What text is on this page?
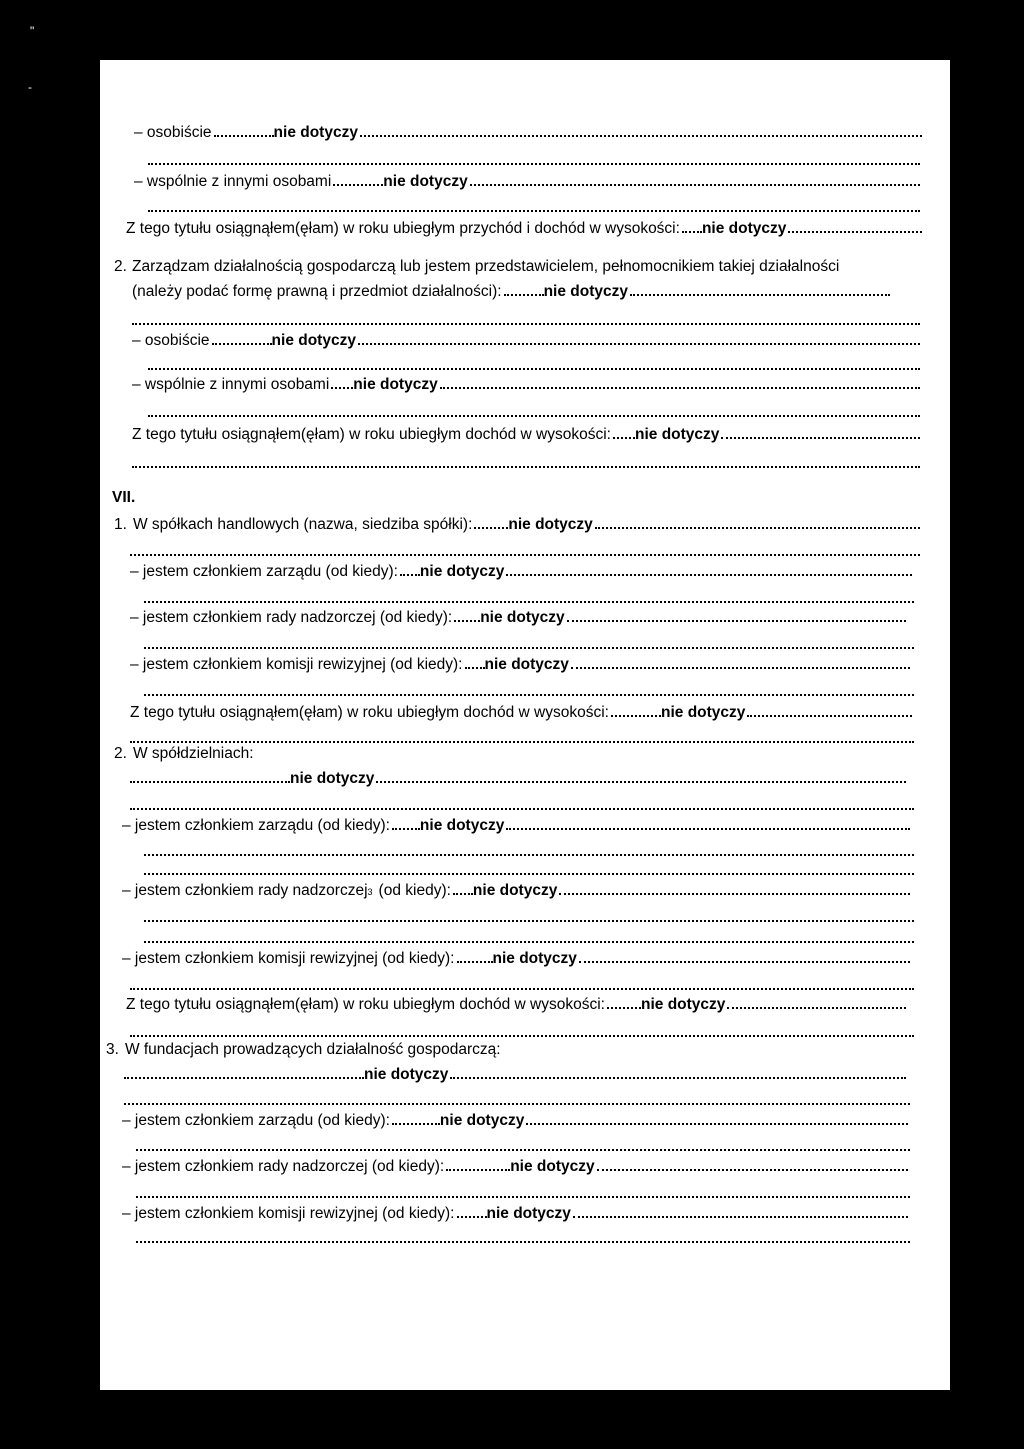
"
-
– osobiście	nie dotyczy
– wspólnie z innymi osobami	nie dotyczy
Z tego tytułu osiągnąłem(ęłam) w roku ubiegłym przychód i dochód w wysokości: nie dotyczy
2. Zarządzam działalnością gospodarczą lub jestem przedstawicielem, pełnomocnikiem takiej działalności
(należy podać formę prawną i przedmiot działalności):	nie dotyczy
– osobiście	nie dotyczy
– wspólnie z innymi osobami nie dotyczy
Z tego tytułu osiągnąłem(ęłam) w roku ubiegłym dochód w wysokości: nie dotyczy
VII.
1. W spółkach handlowych (nazwa, siedziba spółki): nie dotyczy
– jestem członkiem zarządu (od kiedy): nie dotyczy
– jestem członkiem rady nadzorczej (od kiedy): nie dotyczy
– jestem członkiem komisji rewizyjnej (od kiedy): nie dotyczy
Z tego tytułu osiągnąłem(ęłam) w roku ubiegłym dochód w wysokości:	nie dotyczy
2. W spółdzielniach:
nie dotyczy
– jestem członkiem zarządu (od kiedy): nie dotyczy
– jestem członkiem rady nadzorczej 3 (od kiedy): nie dotyczy
– jestem członkiem komisji rewizyjnej (od kiedy): nie dotyczy
Z tego tytułu osiągnąłem(ęłam) w roku ubiegłym dochód w wysokości: nie dotyczy
3. W fundacjach prowadzących działalność gospodarczą:
nie dotyczy
– jestem członkiem zarządu (od kiedy):	nie dotyczy
– jestem członkiem rady nadzorczej (od kiedy):	nie dotyczy
– jestem członkiem komisji rewizyjnej (od kiedy): nie dotyczy
